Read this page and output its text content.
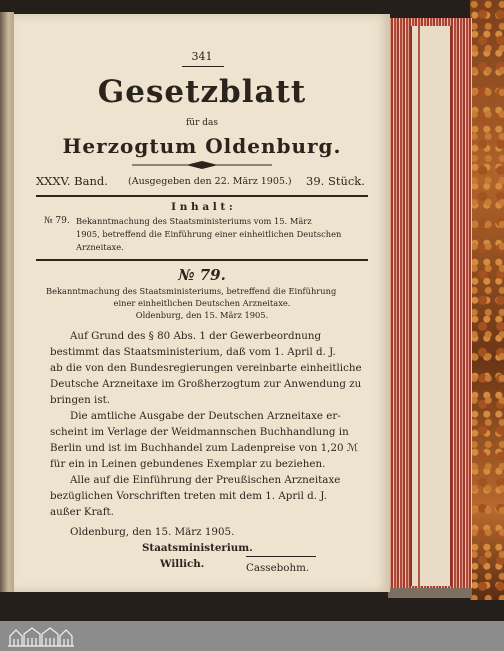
341
Gesetzblatt
für das
Herzogtum Oldenburg.
XXXV. Band. (Ausgegeben den 22. März 1905.) 39. Stück.
I n h a l t :
№ 79. Bekanntmachung des Staatsministeriums vom 15. März
1905, betreffend die Einführung einer einheitlichen Deutschen
Arzneitaxe.
№ 79.
Bekanntmachung des Staatsministeriums, betreffend die Einführung
einer einheitlichen Deutschen Arzneitaxe.
Oldenburg, den 15. März 1905.
Auf Grund des § 80 Abs. 1 der Gewerbeordnung
bestimmt das Staatsministerium, daß vom 1. April d. J.
ab die von den Bundesregierungen vereinbarte einheitliche
Deutsche Arzneitaxe im Großherzogtum zur Anwendung zu
bringen ist.
Die amtliche Ausgabe der Deutschen Arzneitaxe er-
scheint im Verlage der Weidmannschen Buchhandlung in
Berlin und ist im Buchhandel zum Ladenpreise von 1,20 ℳ
für ein in Leinen gebundenes Exemplar zu beziehen.
Alle auf die Einführung der Preußischen Arzneitaxe
bezüglichen Vorschriften treten mit dem 1. April d. J.
außer Kraft.
Oldenburg, den 15. März 1905.
Staatsministerium.
Willich.	Cassebohm.
